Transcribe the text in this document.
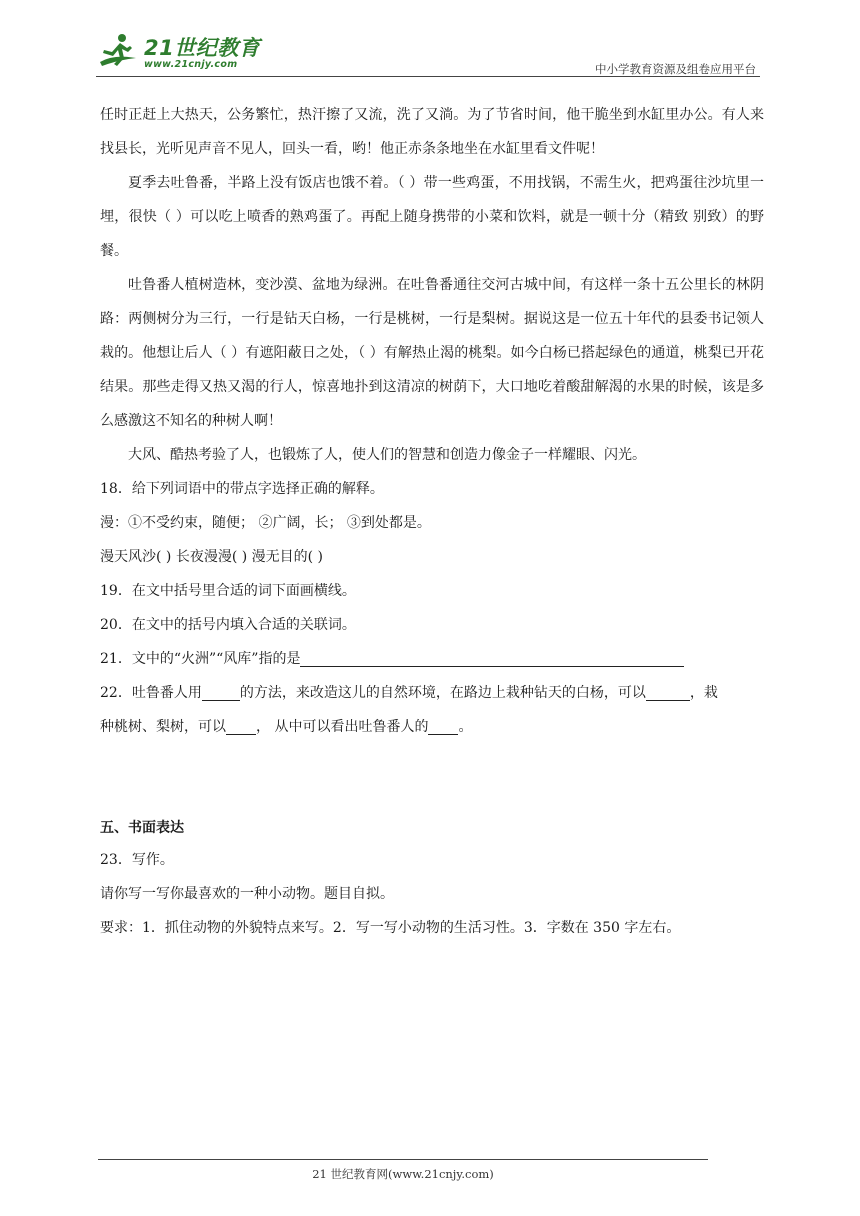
21世纪教育
www.21cnjy.com	中小学教育资源及组卷应用平台

任时正赶上大热天，公务繁忙，热汗擦了又流，洗了又淌。为了节省时间，他干脆坐到水缸里办公。有人来找县长，光听见声音不见人，回头一看，哟！他正赤条条地坐在水缸里看文件呢！

夏季去吐鲁番，半路上没有饭店也饿不着。（ ）带一些鸡蛋，不用找锅，不需生火，把鸡蛋往沙坑里一埋，很快（ ）可以吃上喷香的熟鸡蛋了。再配上随身携带的小菜和饮料，就是一顿十分（精致 别致）的野餐。

吐鲁番人植树造林，变沙漠、盆地为绿洲。在吐鲁番通往交河古城中间，有这样一条十五公里长的林阴路：两侧树分为三行，一行是钻天白杨，一行是桃树，一行是梨树。据说这是一位五十年代的县委书记领人栽的。他想让后人（ ）有遮阳蔽日之处，（ ）有解热止渴的桃梨。如今白杨已搭起绿色的通道，桃梨已开花结果。那些走得又热又渴的行人，惊喜地扑到这清凉的树荫下，大口地吃着酸甜解渴的水果的时候，该是多么感激这不知名的种树人啊！

大风、酷热考验了人，也锻炼了人，使人们的智慧和创造力像金子一样耀眼、闪光。

18．给下列词语中的带点字选择正确的解释。

漫：①不受约束，随便； ②广阔，长； ③到处都是。

漫天风沙( ) 长夜漫漫( ) 漫无目的( )

19．在文中括号里合适的词下面画横线。

20．在文中的括号内填入合适的关联词。

21．文中的“火洲”“风库”指的是

22．吐鲁番人用	的方法，来改造这儿的自然环境，在路边上栽种钻天的白杨，可以	，栽

种桃树、梨树，可以 ， 从中可以看出吐鲁番人的 。

五、书面表达

23．写作。

请你写一写你最喜欢的一种小动物。题目自拟。

要求：1．抓住动物的外貌特点来写。2．写一写小动物的生活习性。3．字数在 350 字左右。

21 世纪教育网(www.21cnjy.com)
